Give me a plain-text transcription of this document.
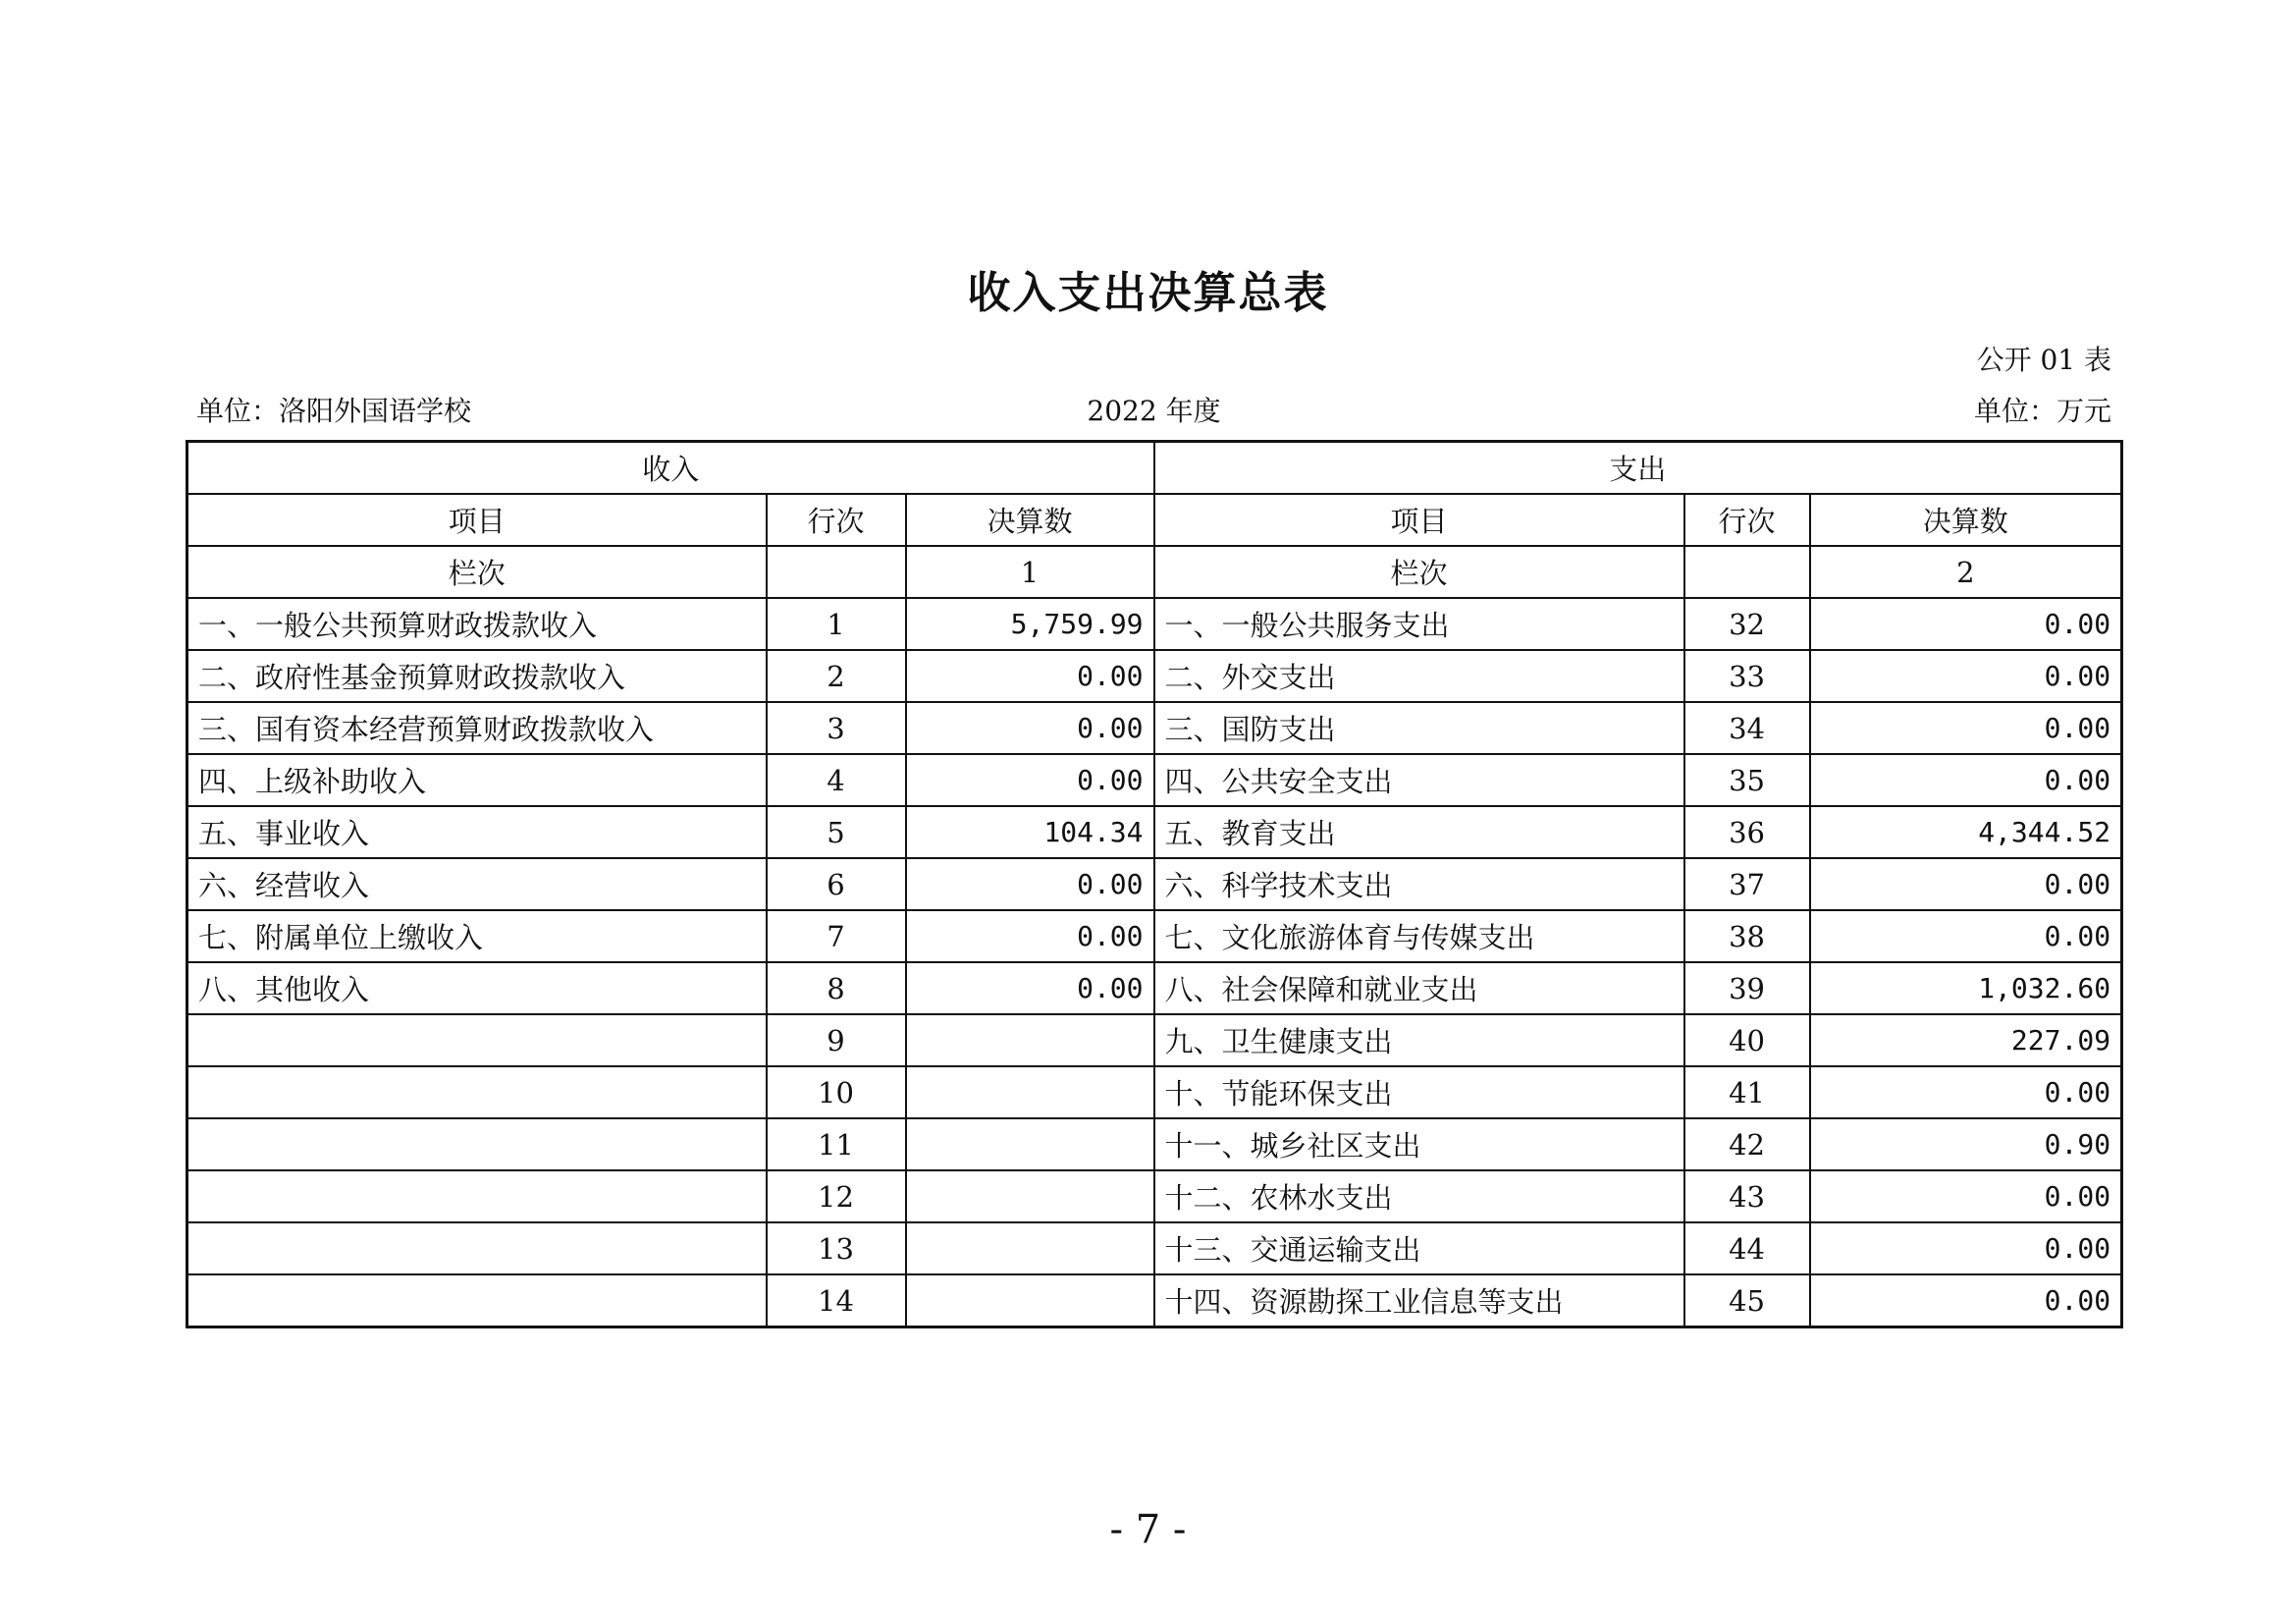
收入支出决算总表
公开 01 表
单位：洛阳外国语学校	2022 年度	单位：万元
收入			支出		
项目	行次	决算数	项目	行次	决算数
栏次		1	栏次		2
一、一般公共预算财政拨款收入	1	5,759.99	一、一般公共服务支出	32	0.00
二、政府性基金预算财政拨款收入	2	0.00	二、外交支出	33	0.00
三、国有资本经营预算财政拨款收入	3	0.00	三、国防支出	34	0.00
四、上级补助收入	4	0.00	四、公共安全支出	35	0.00
五、事业收入	5	104.34	五、教育支出	36	4,344.52
六、经营收入	6	0.00	六、科学技术支出	37	0.00
七、附属单位上缴收入	7	0.00	七、文化旅游体育与传媒支出	38	0.00
八、其他收入	8	0.00	八、社会保障和就业支出	39	1,032.60
	9		九、卫生健康支出	40	227.09
	10		十、节能环保支出	41	0.00
	11		十一、城乡社区支出	42	0.90
	12		十二、农林水支出	43	0.00
	13		十三、交通运输支出	44	0.00
	14		十四、资源勘探工业信息等支出	45	0.00
- 7 -
